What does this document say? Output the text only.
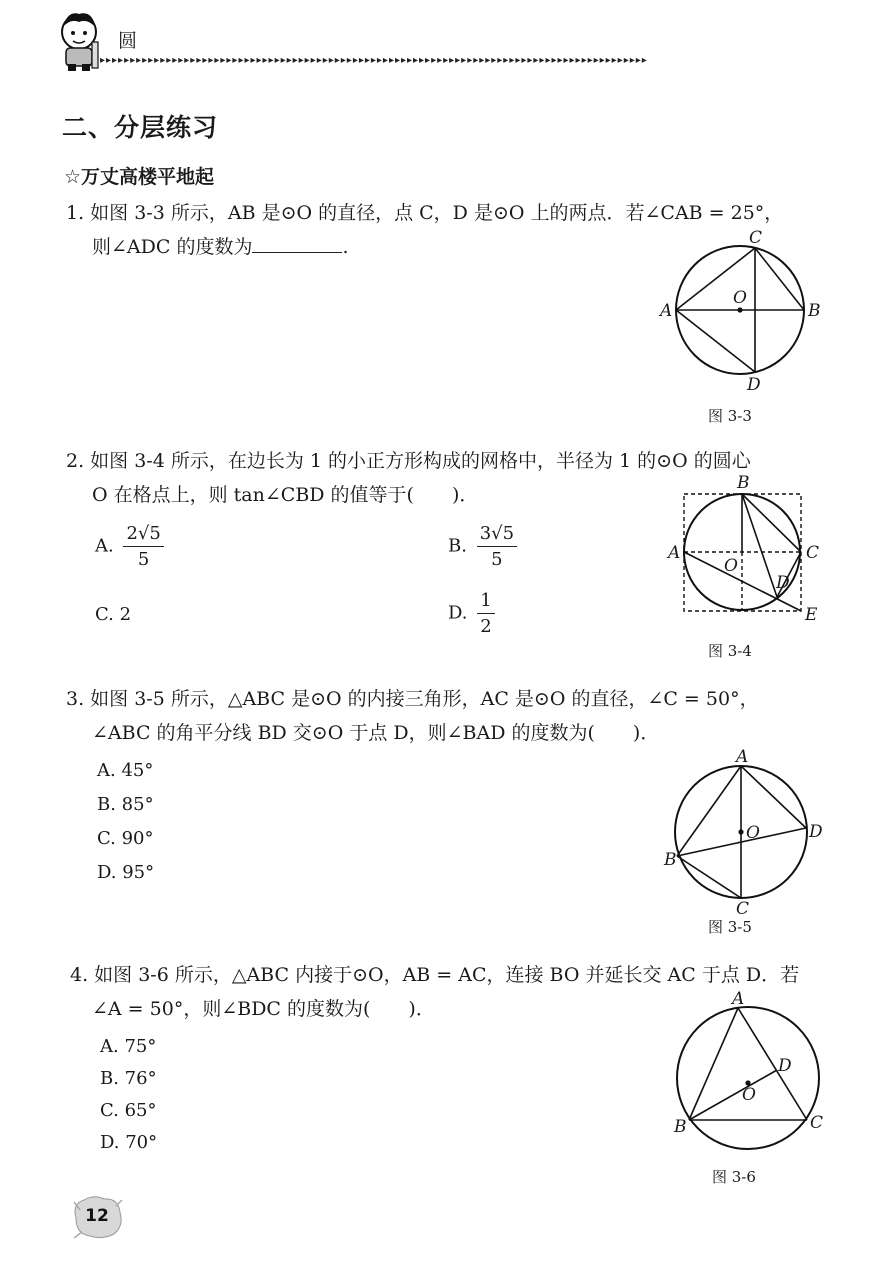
圆
▸▸▸▸▸▸▸▸▸▸▸▸▸▸▸▸▸▸▸▸▸▸▸▸▸▸▸▸▸▸▸▸▸▸▸▸▸▸▸▸▸▸▸▸▸▸▸▸▸▸▸▸▸▸▸▸▸▸▸▸▸▸▸▸▸▸▸▸▸▸▸▸▸▸▸▸▸▸▸▸▸▸▸▸▸▸▸▸▸▸▸
二、分层练习
☆万丈高楼平地起
1. 如图 3-3 所示，AB 是⊙O 的直径，点 C，D 是⊙O 上的两点．若∠CAB = 25°，
则∠ADC 的度数为	.
A	B
C
D
O
图 3-3
2. 如图 3-4 所示，在边长为 1 的小正方形构成的网格中，半径为 1 的⊙O 的圆心
O 在格点上，则 tan∠CBD 的值等于(　　)．
A. $\frac{2√5}{5}$	B. $\frac{3√5}{5}$
C. 2	D. $\frac{1}{2}$
A
B
C
D
E
O
图 3-4
3. 如图 3-5 所示，△ABC 是⊙O 的内接三角形，AC 是⊙O 的直径，∠C = 50°，
∠ABC 的角平分线 BD 交⊙O 于点 D，则∠BAD 的度数为(　　)．
A. 45°
B. 85°
C. 90°
D. 95°
A
B
C
D
O
图 3-5
4. 如图 3-6 所示，△ABC 内接于⊙O，AB = AC，连接 BO 并延长交 AC 于点 D．若
∠A = 50°，则∠BDC 的度数为(　　)．
A. 75°
B. 76°
C. 65°
D. 70°
A
B	C
D
O
图 3-6
12
